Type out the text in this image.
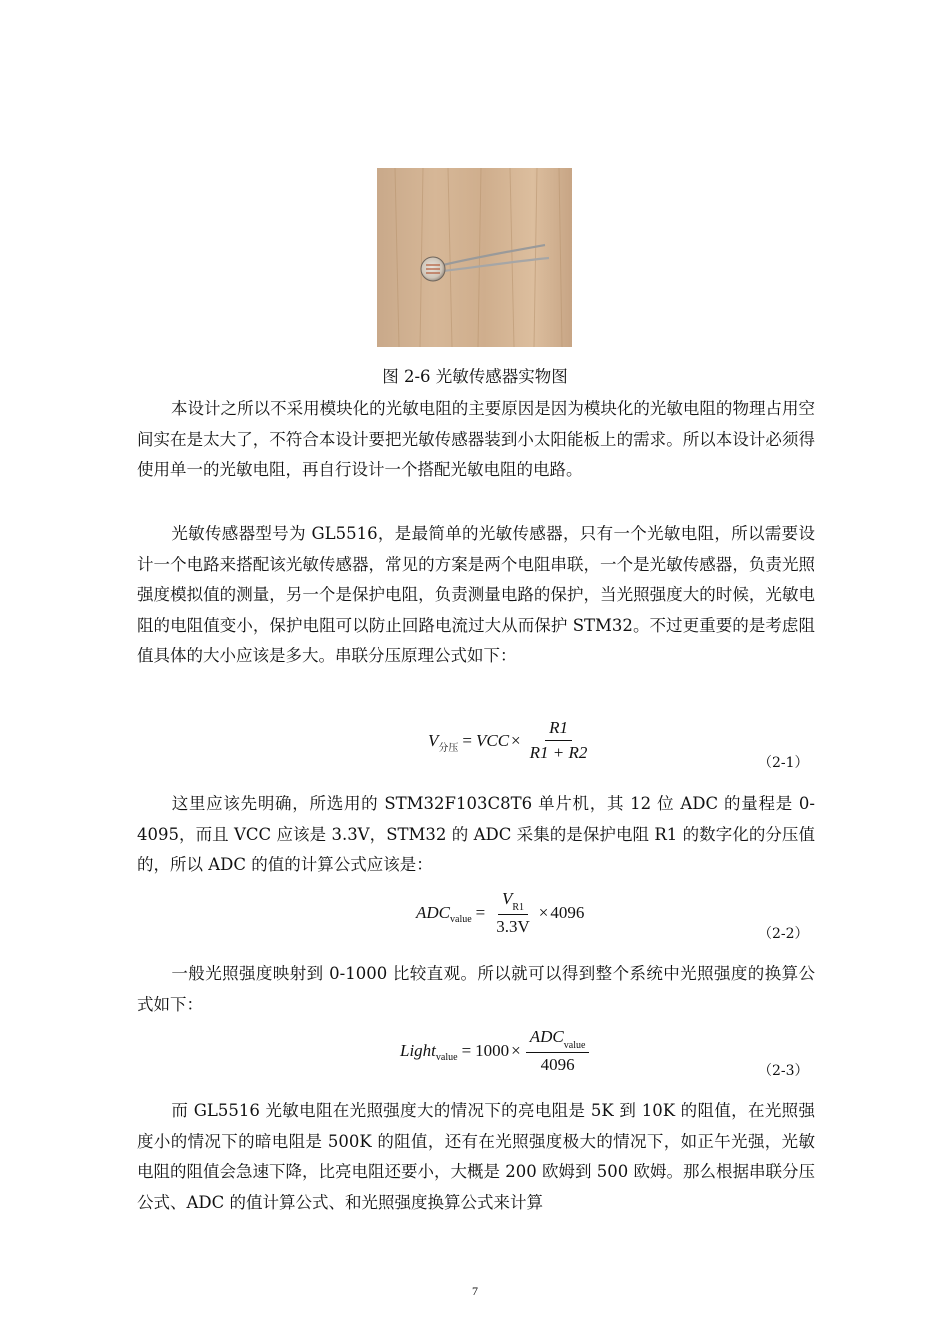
图 2-6 光敏传感器实物图

本设计之所以不采用模块化的光敏电阻的主要原因是因为模块化的光敏电阻的物理占用空间实在是太大了，不符合本设计要把光敏传感器装到小太阳能板上的需求。所以本设计必须得使用单一的光敏电阻，再自行设计一个搭配光敏电阻的电路。

光敏传感器型号为 GL5516，是最简单的光敏传感器，只有一个光敏电阻，所以需要设计一个电路来搭配该光敏传感器，常见的方案是两个电阻串联，一个是光敏传感器，负责光照强度模拟值的测量，另一个是保护电阻，负责测量电路的保护，当光照强度大的时候，光敏电阻的电阻值变小，保护电阻可以防止回路电流过大从而保护 STM32。不过更重要的是考虑阻值具体的大小应该是多大。串联分压原理公式如下：

V 分压 = VCC × $\frac{R1}{R1 + R2}$	（2-1）

这里应该先明确，所选用的 STM32F103C8T6 单片机，其 12 位 ADC 的量程是 0-4095，而且 VCC 应该是 3.3V，STM32 的 ADC 采集的是保护电阻 R1 的数字化的分压值的，所以 ADC 的值的计算公式应该是：

ADC value = $\frac{V_{R1}}{3.3V} \times 4096$
（2-2）

一般光照强度映射到 0-1000 比较直观。所以就可以得到整个系统中光照强度的换算公式如下：

Light value = $1000 \times \frac{ADC_{value}}{4096}$	（2-3）

而 GL5516 光敏电阻在光照强度大的情况下的亮电阻是 5K 到 10K 的阻值，在光照强度小的情况下的暗电阻是 500K 的阻值，还有在光照强度极大的情况下，如正午光强，光敏电阻的阻值会急速下降，比亮电阻还要小，大概是 200 欧姆到 500 欧姆。那么根据串联分压公式、ADC 的值计算公式、和光照强度换算公式来计算

7
